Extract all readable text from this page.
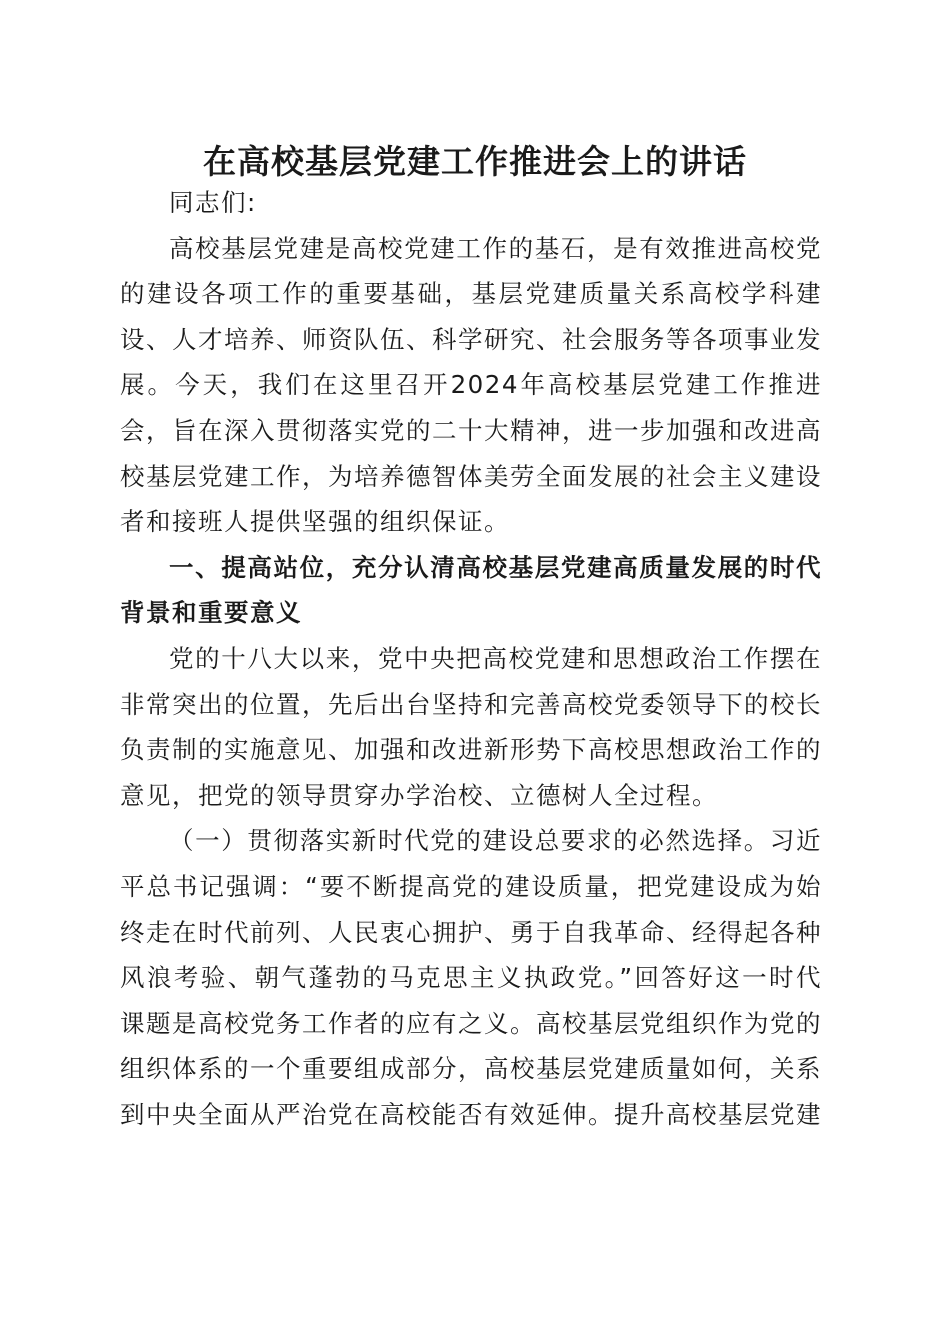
在高校基层党建工作推进会上的讲话

同志们:

高校基层党建是高校党建工作的基石，是有效推进高校党的建设各项工作的重要基础，基层党建质量关系高校学科建设、人才培养、师资队伍、科学研究、社会服务等各项事业发展。今天，我们在这里召开2024年高校基层党建工作推进会，旨在深入贯彻落实党的二十大精神，进一步加强和改进高校基层党建工作，为培养德智体美劳全面发展的社会主义建设者和接班人提供坚强的组织保证。

一、提高站位，充分认清高校基层党建高质量发展的时代背景和重要意义

党的十八大以来，党中央把高校党建和思想政治工作摆在非常突出的位置，先后出台坚持和完善高校党委领导下的校长负责制的实施意见、加强和改进新形势下高校思想政治工作的意见，把党的领导贯穿办学治校、立德树人全过程。

（一）贯彻落实新时代党的建设总要求的必然选择。习近平总书记强调：“要不断提高党的建设质量，把党建设成为始终走在时代前列、人民衷心拥护、勇于自我革命、经得起各种风浪考验、朝气蓬勃的马克思主义执政党。”回答好这一时代课题是高校党务工作者的应有之义。高校基层党组织作为党的组织体系的一个重要组成部分，高校基层党建质量如何，关系到中央全面从严治党在高校能否有效延伸。提升高校基层党建
